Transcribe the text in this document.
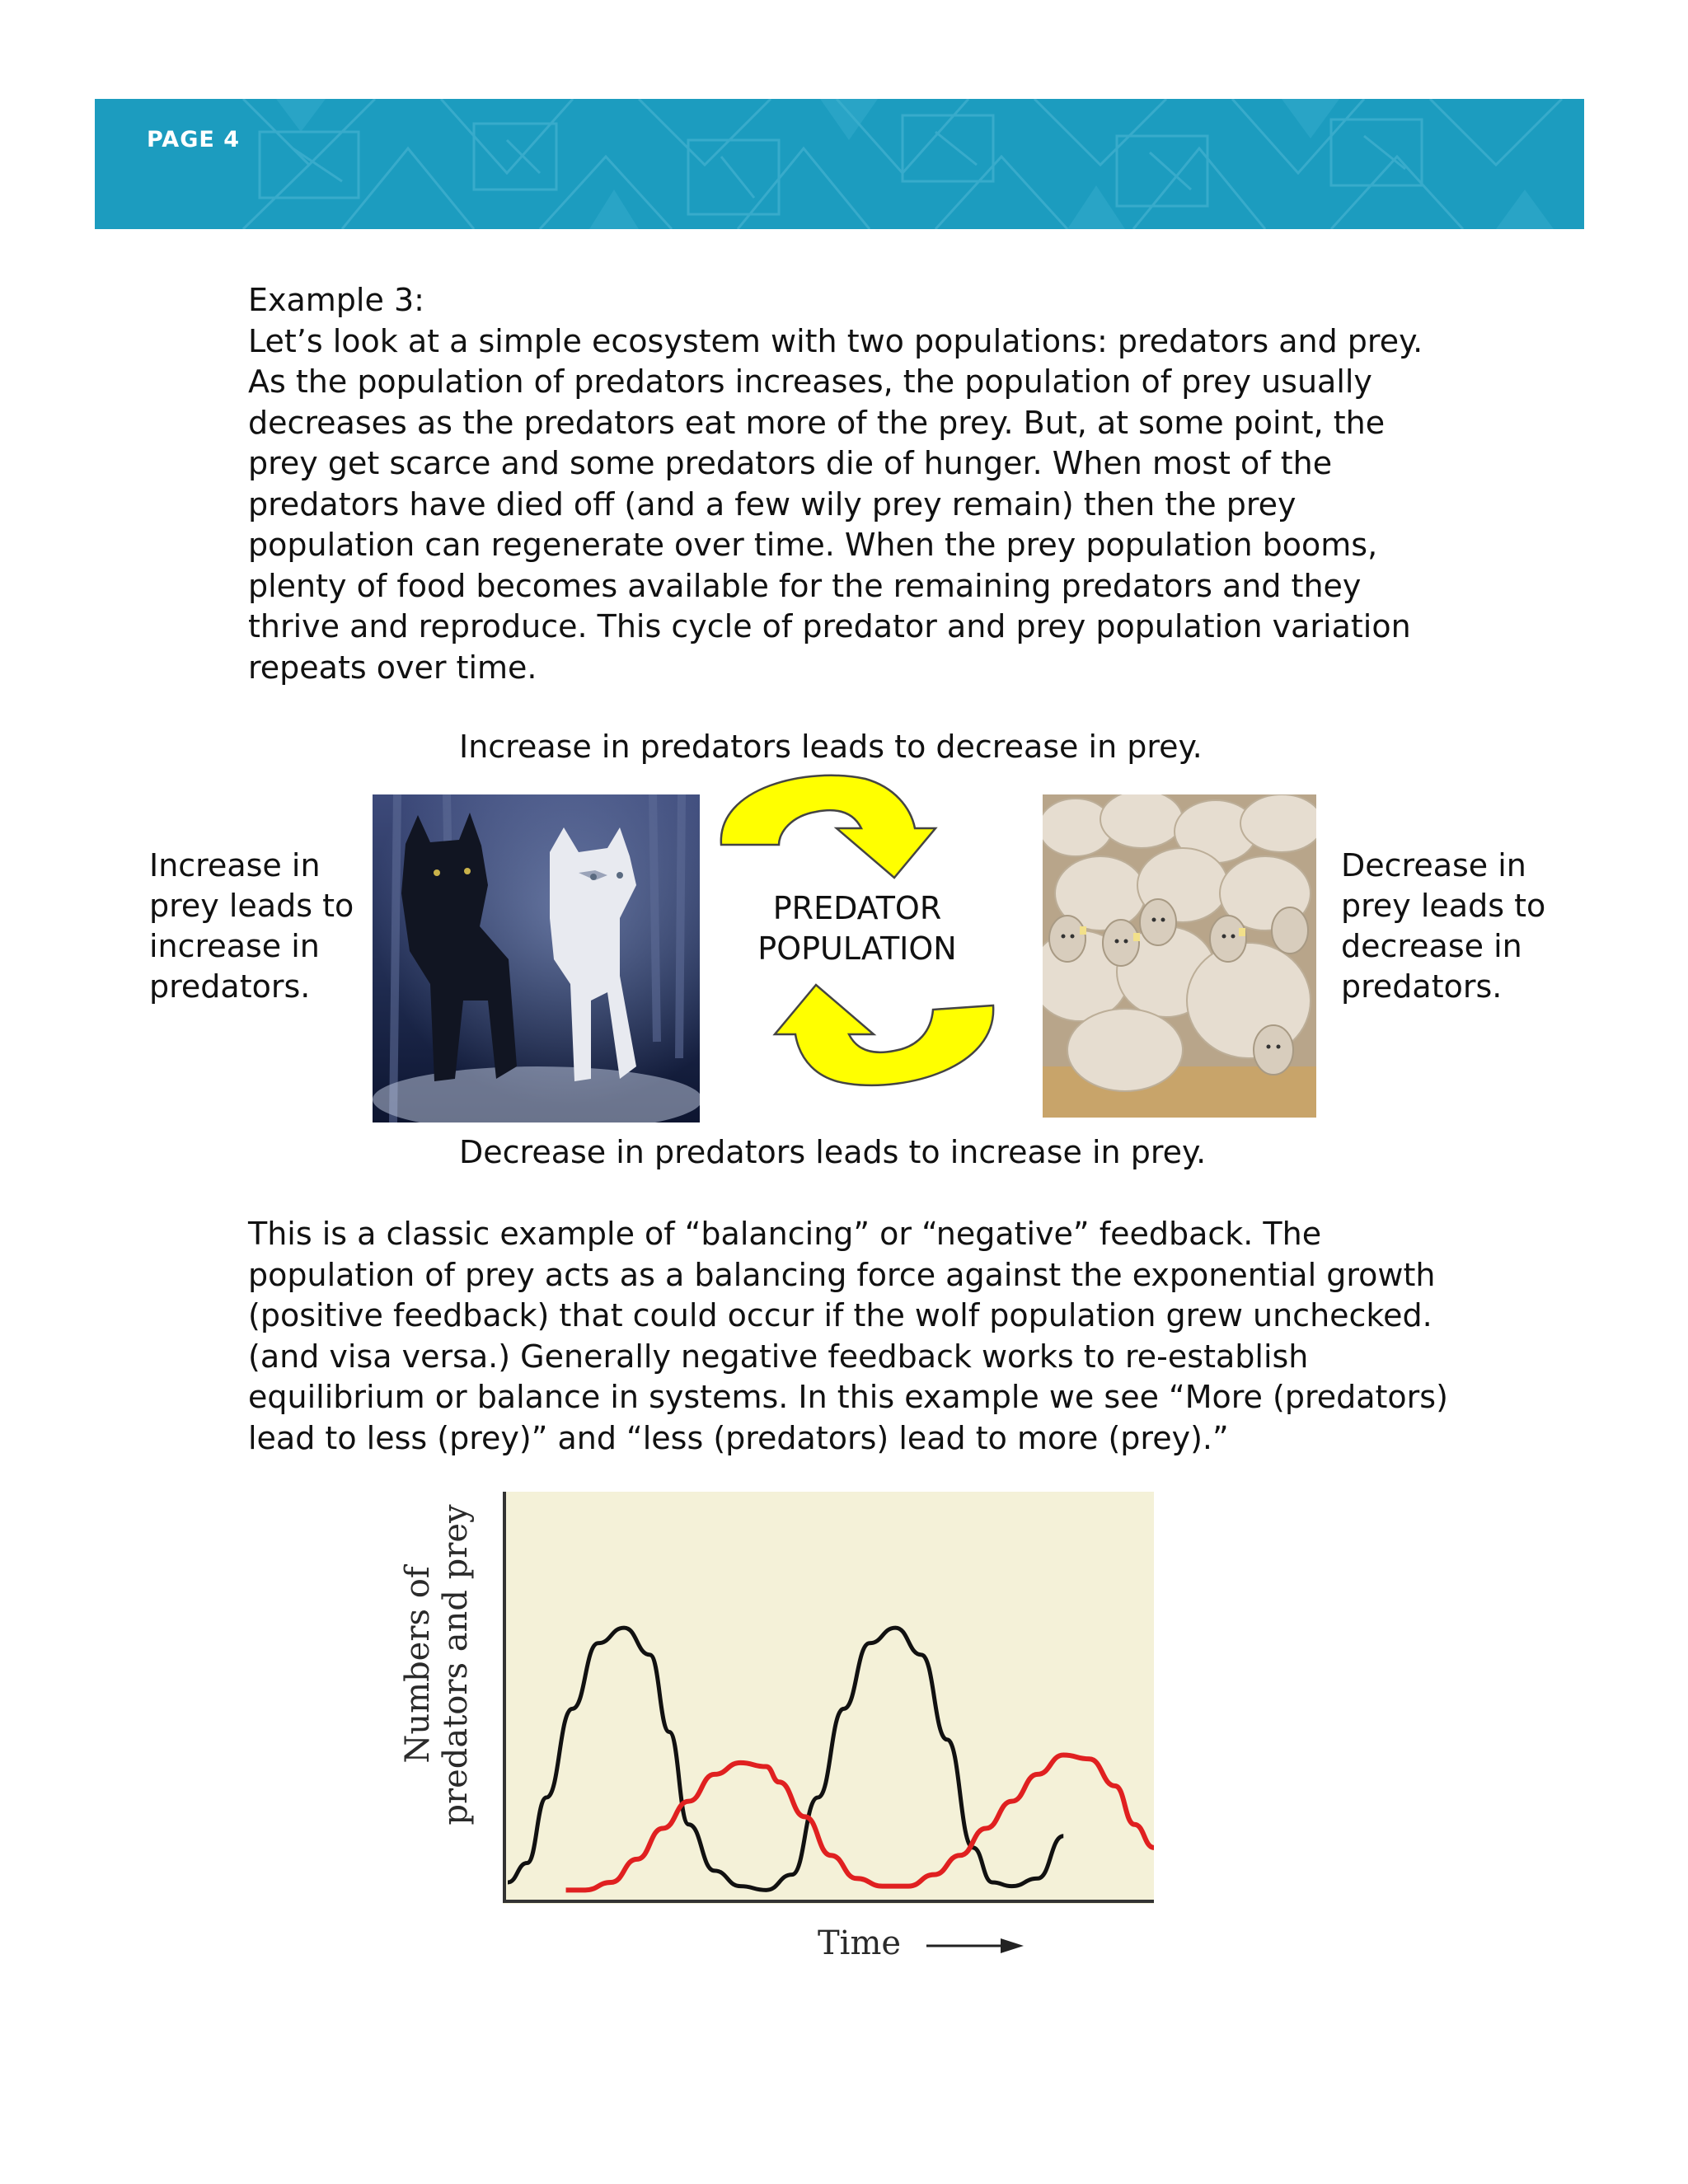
PAGE 4

Example 3:

Let’s look at a simple ecosystem with two populations: predators and prey.

As the population of predators increases, the population of prey usually

decreases as the predators eat more of the prey. But, at some point, the

prey get scarce and some predators die of hunger. When most of the

predators have died off (and a few wily prey remain) then the prey

population can regenerate over time. When the prey population booms,

plenty of food becomes available for the remaining predators and they

thrive and reproduce. This cycle of predator and prey population variation

repeats over time.

Increase in predators leads to decrease in prey.

Increase in

prey leads to

increase in

predators.

PREDATOR

POPULATION

Decrease in

prey leads to

decrease in

predators.

Decrease in predators leads to increase in prey.

This is a classic example of “balancing” or “negative” feedback. The

population of prey acts as a balancing force against the exponential growth

(positive feedback) that could occur if the wolf population grew unchecked.

(and visa versa.) Generally negative feedback works to re-establish

equilibrium or balance in systems. In this example we see “More (predators)

lead to less (prey)” and “less (predators) lead to more (prey).”

Numbers of predators and prey
Time
